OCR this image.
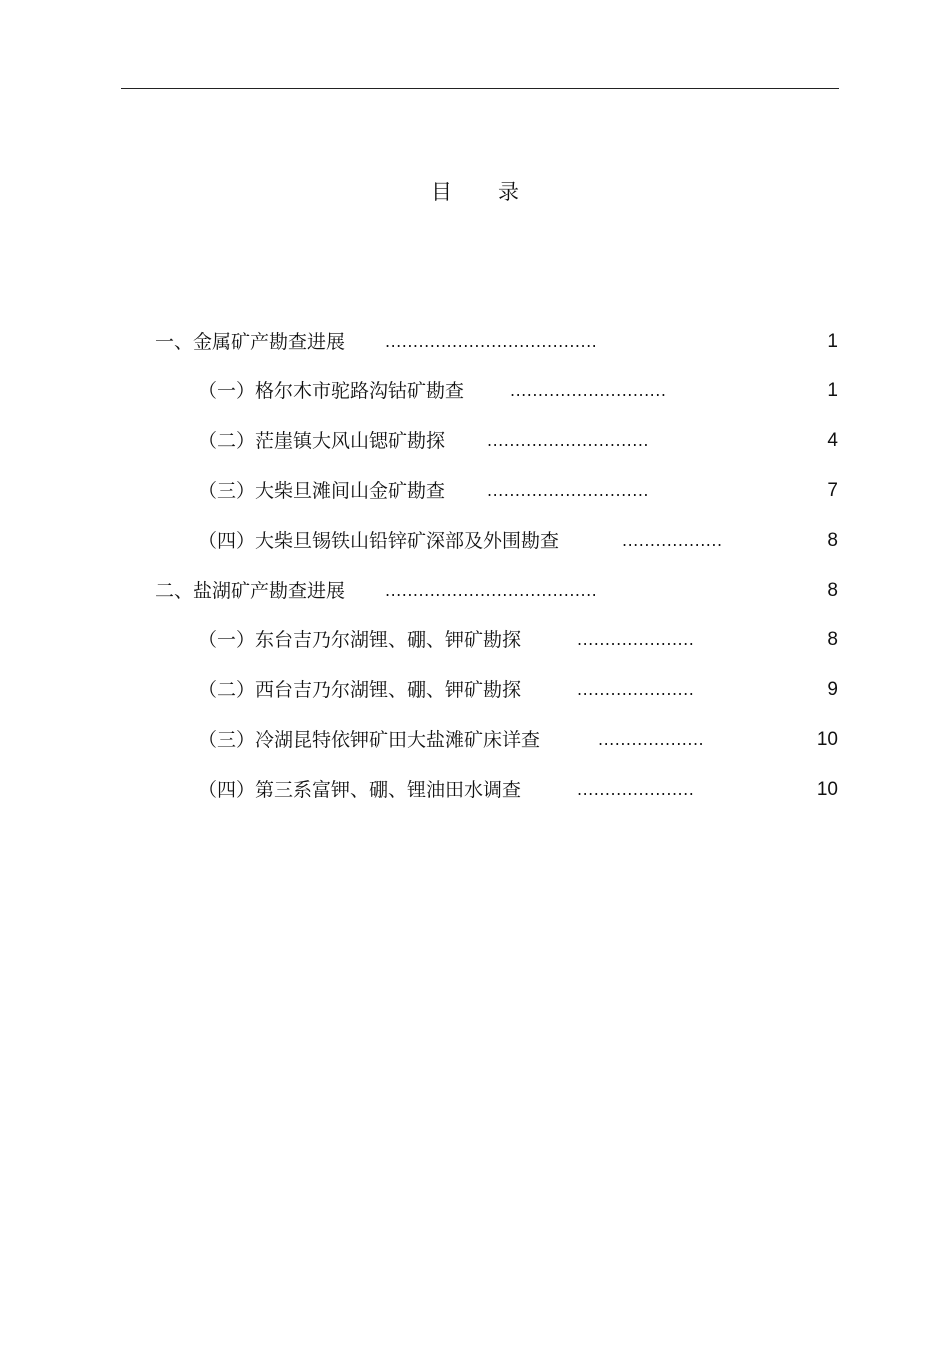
目 录
一、金属矿产勘查进展 ......................................	1
（一）格尔木市驼路沟钴矿勘查	............................	1
（二）茫崖镇大风山锶矿勘探	.............................	4
（三）大柴旦滩间山金矿勘查	.............................	7
（四）大柴旦锡铁山铅锌矿深部及外围勘查	..................	8
二、盐湖矿产勘查进展 ......................................	8
（一）东台吉乃尔湖锂、硼、钾矿勘探	.....................	8
（二）西台吉乃尔湖锂、硼、钾矿勘探	.....................	9
（三）冷湖昆特依钾矿田大盐滩矿床详查	...................	10
（四）第三系富钾、硼、锂油田水调查	.....................	10
